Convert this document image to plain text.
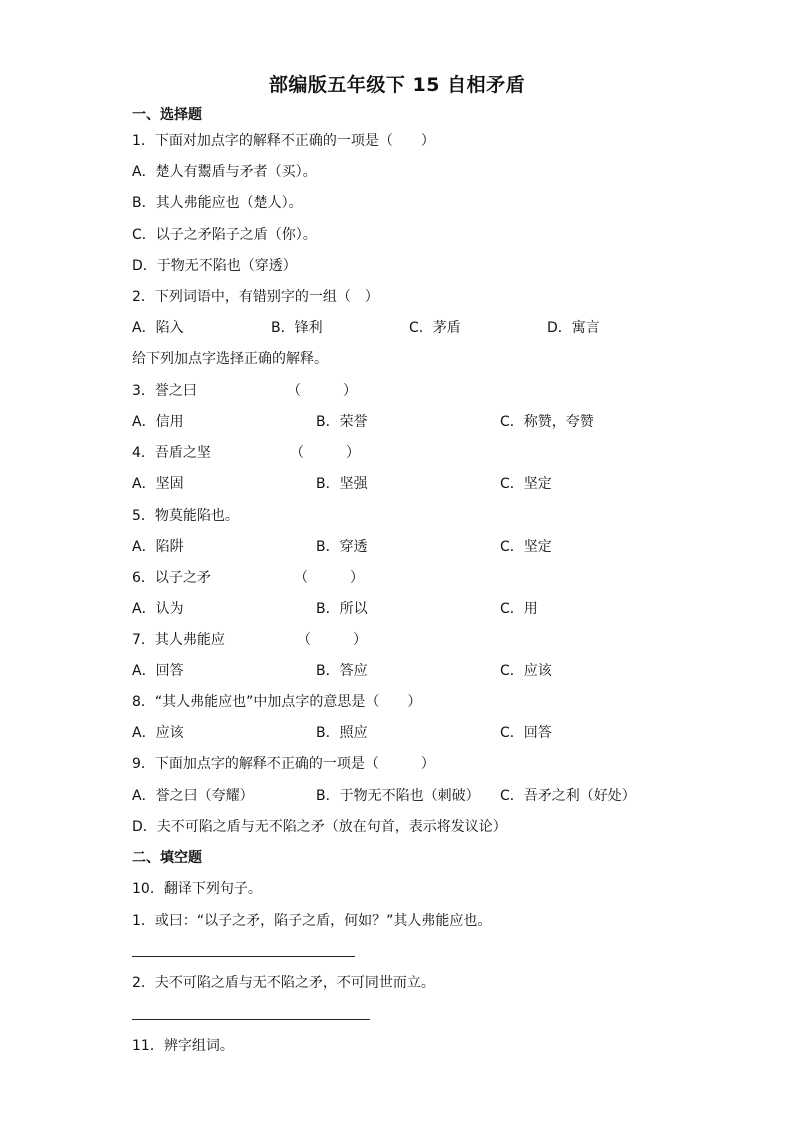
部编版五年级下 15 自相矛盾
一、选择题
1．下面对加点字的解释不正确的一项是（　　）
A．楚人有鬻盾与矛者（买）。
B．其人弗能应也（楚人）。
C．以子之矛陷子之盾（你）。
D．于物无不陷也（穿透）
2．下列词语中，有错别字的一组（　）
A．陷入	B．锋利	C．茅盾	D．寓言
给下列加点字选择正确的解释。
3．誉之曰	（　　　）
A．信用	B．荣誉	C．称赞，夸赞
4．吾盾之坚	（　　　）
A．坚固	B．坚强	C．坚定
5．物莫能陷也。
A．陷阱	B．穿透	C．坚定
6．以子之矛	（　　　）
A．认为	B．所以	C．用
7．其人弗能应	（　　　）
A．回答	B．答应	C．应该
8．“其人弗能应也”中加点字的意思是（　　）
A．应该	B．照应	C．回答
9．下面加点字的解释不正确的一项是（　　　）
A．誉之曰（夸耀）	B．于物无不陷也（刺破） C．吾矛之利（好处）
D．夫不可陷之盾与无不陷之矛（放在句首，表示将发议论）
二、填空题
10．翻译下列句子。
1．或曰：“以子之矛，陷子之盾，何如？”其人弗能应也。
2．夫不可陷之盾与无不陷之矛，不可同世而立。
11．辨字组词。
